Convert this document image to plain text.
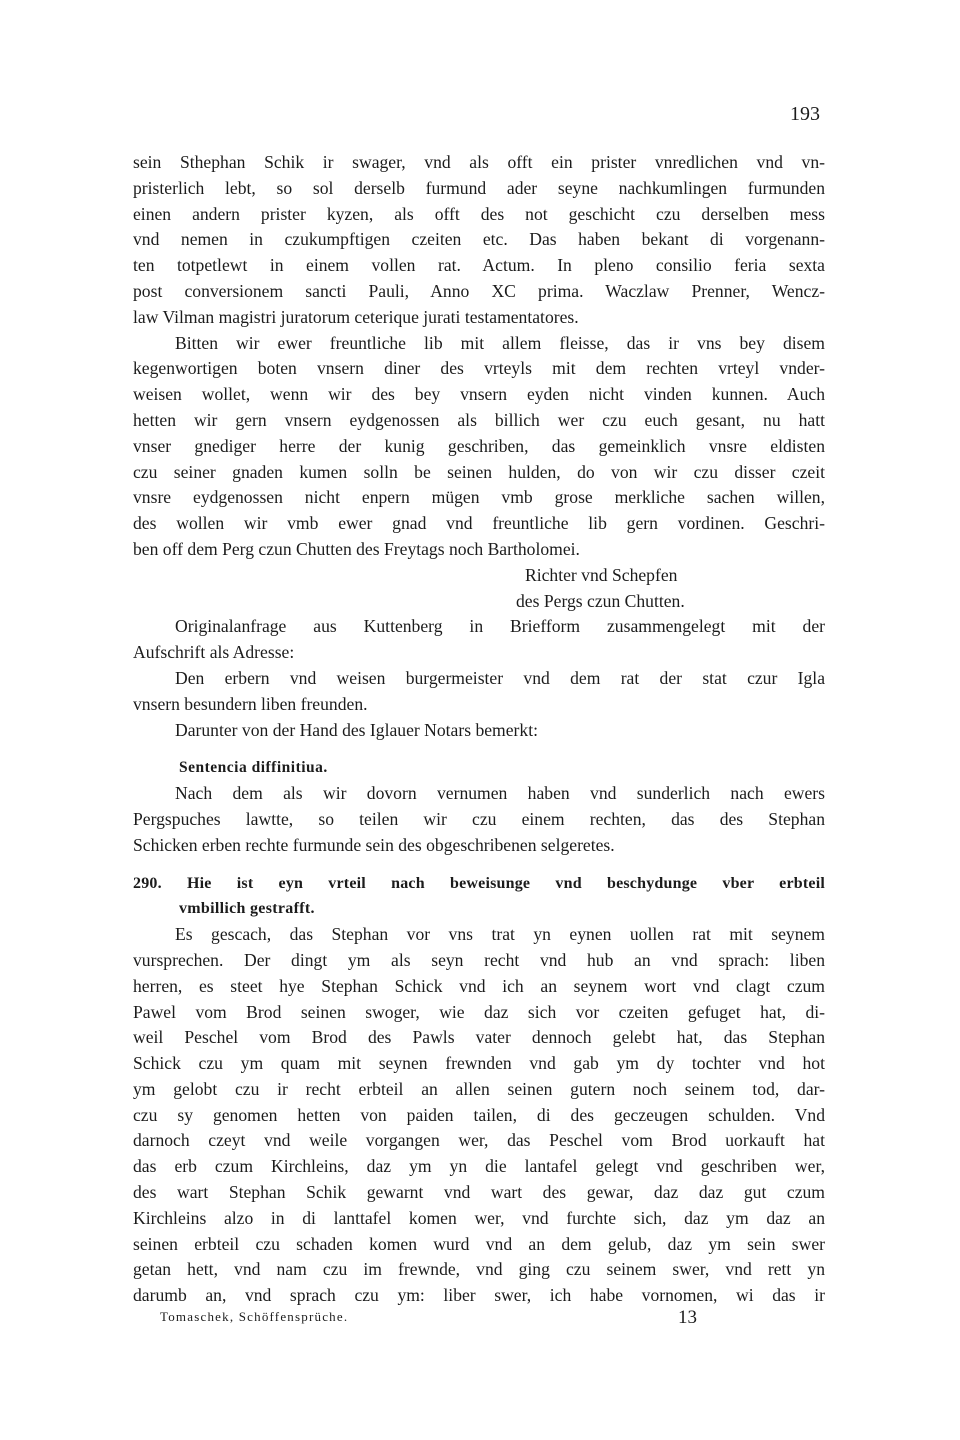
193
sein Sthephan Schik ir swager, vnd als offt ein prister vnredlichen vnd vn-
pristerlich lebt, so sol derselb furmund ader seyne nachkumlingen furmunden
einen andern prister kyzen, als offt des not geschicht czu derselben mess
vnd nemen in czukumpftigen czeiten etc. Das haben bekant di vorgenann-
ten totpetlewt in einem vollen rat. Actum. In pleno consilio feria sexta
post conversionem sancti Pauli, Anno XC prima. Waczlaw Prenner, Wencz-
law Vilman magistri juratorum ceterique jurati testamentatores.
Bitten wir ewer freuntliche lib mit allem fleisse, das ir vns bey disem
kegenwortigen boten vnsern diner des vrteyls mit dem rechten vrteyl vnder-
weisen wollet, wenn wir des bey vnsern eyden nicht vinden kunnen. Auch
hetten wir gern vnsern eydgenossen als billich wer czu euch gesant, nu hatt
vnser gnediger herre der kunig geschriben, das gemeinklich vnsre eldisten
czu seiner gnaden kumen solln be seinen hulden, do von wir czu disser czeit
vnsre eydgenossen nicht enpern mügen vmb grose merkliche sachen willen,
des wollen wir vmb ewer gnad vnd freuntliche lib gern vordinen. Geschri-
ben off dem Perg czun Chutten des Freytags noch Bartholomei.
Richter vnd Schepfen
des Pergs czun Chutten.
Originalanfrage aus Kuttenberg in Briefform zusammengelegt mit der
Aufschrift als Adresse:
Den erbern vnd weisen burgermeister vnd dem rat der stat czur Igla
vnsern besundern liben freunden.
Darunter von der Hand des Iglauer Notars bemerkt:
Sentencia diffinitiua.
Nach dem als wir dovorn vernumen haben vnd sunderlich nach ewers
Pergspuches lawtte, so teilen wir czu einem rechten, das des Stephan
Schicken erben rechte furmunde sein des obgeschribenen selgeretes.
290. Hie ist eyn vrteil nach beweisunge vnd beschydunge vber erbteil
vmbillich gestrafft.
Es gescach, das Stephan vor vns trat yn eynen uollen rat mit seynem
vursprechen. Der dingt ym als seyn recht vnd hub an vnd sprach: liben
herren, es steet hye Stephan Schick vnd ich an seynem wort vnd clagt czum
Pawel vom Brod seinen swoger, wie daz sich vor czeiten gefuget hat, di-
weil Peschel vom Brod des Pawls vater dennoch gelebt hat, das Stephan
Schick czu ym quam mit seynen frewnden vnd gab ym dy tochter vnd hot
ym gelobt czu ir recht erbteil an allen seinen gutern noch seinem tod, dar-
czu sy genomen hetten von paiden tailen, di des geczeugen schulden. Vnd
darnoch czeyt vnd weile vorgangen wer, das Peschel vom Brod uorkauft hat
das erb czum Kirchleins, daz ym yn die lantafel gelegt vnd geschriben wer,
des wart Stephan Schik gewarnt vnd wart des gewar, daz daz gut czum
Kirchleins alzo in di lanttafel komen wer, vnd furchte sich, daz ym daz an
seinen erbteil czu schaden komen wurd vnd an dem gelub, daz ym sein swer
getan hett, vnd nam czu im frewnde, vnd ging czu seinem swer, vnd rett yn
darumb an, vnd sprach czu ym: liber swer, ich habe vornomen, wi das ir
Tomaschek, Schöffensprüche.	13
